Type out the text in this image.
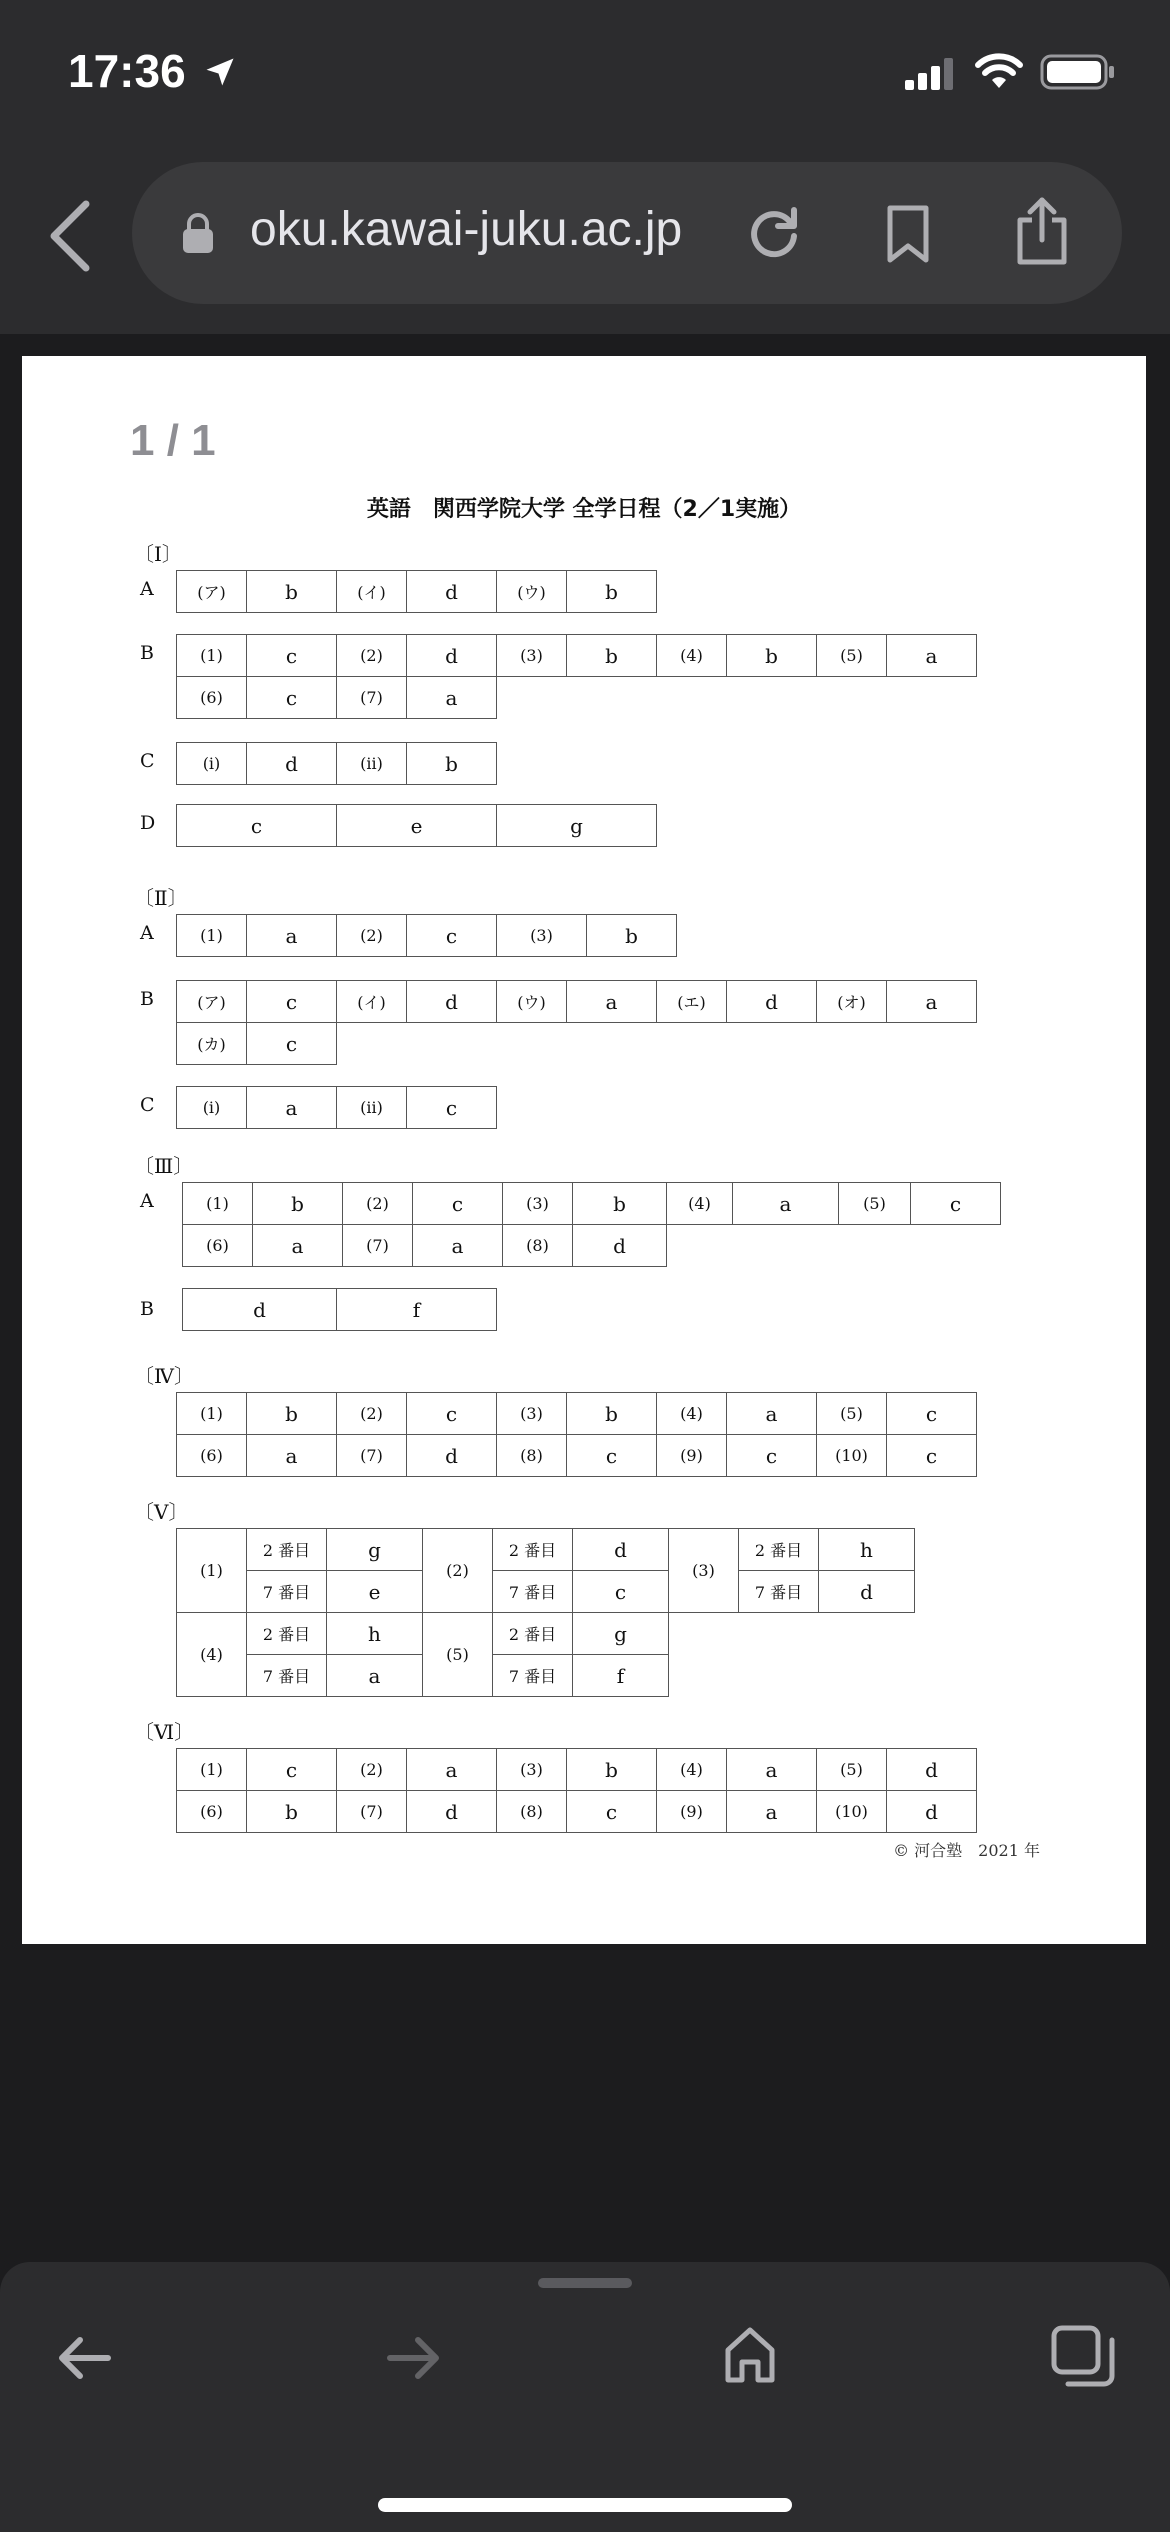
17:36
oku.kawai-juku.ac.jp
1 / 1
英語　関西学院大学 全学日程（2／1実施）
〔Ⅰ〕
A	(ア)	b	(イ)	d	(ウ)	b
B	(1)	c	(2)	d	(3)	b	(4)	b	(5)	a
(6)	c	(7)	a
C	(ⅰ)	d	(ⅱ)	b
D	c	e	g
〔Ⅱ〕
A	(1)	a	(2)	c	(3)	b
B	(ア)	c	(イ)	d	(ウ)	a	(エ)	d	(オ)	a
(カ)	c
C	(ⅰ)	a	(ⅱ)	c
〔Ⅲ〕
A	(1)	b	(2)	c	(3)	b	(4)	a	(5)	c
(6)	a	(7)	a	(8)	d
B	d	f
〔Ⅳ〕
(1)	b	(2)	c	(3)	b	(4)	a	(5)	c
(6)	a	(7)	d	(8)	c	(9)	c	(10)	c
〔Ⅴ〕
(1)	2 番目	g	(2)	2 番目	d	(3)	2 番目	h
	7 番目	e		7 番目	c		7 番目	d
(4)	2 番目	h	(5)	2 番目	g
	7 番目	a		7 番目	f
〔Ⅵ〕
(1)	c	(2)	a	(3)	b	(4)	a	(5)	d
(6)	b	(7)	d	(8)	c	(9)	a	(10)	d
© 河合塾　2021 年
